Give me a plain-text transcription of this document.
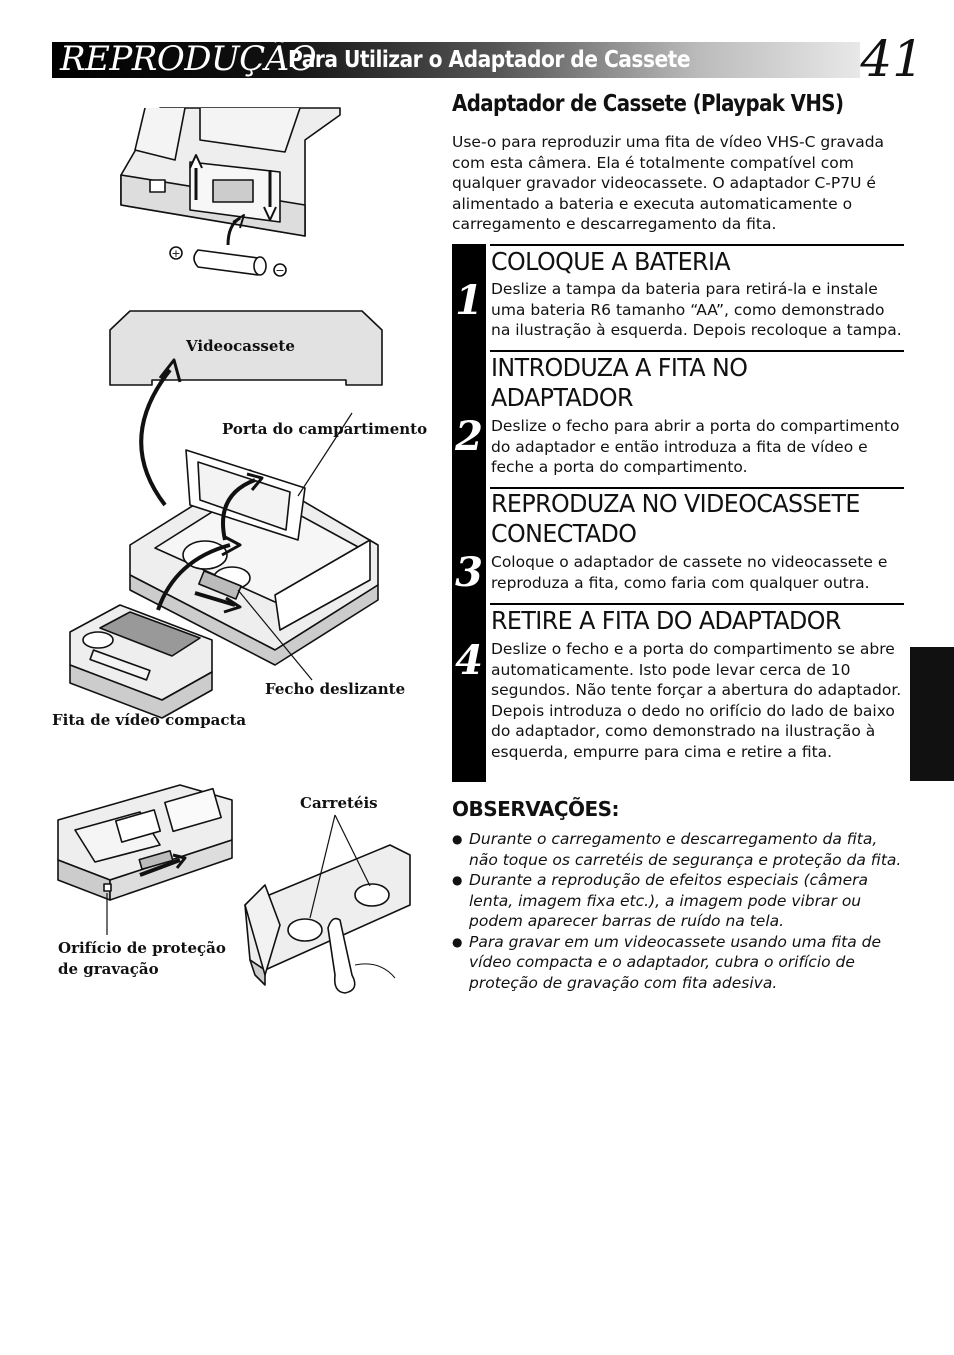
REPRODUÇÃO
Para Utilizar o Adaptador de Cassete	41
+
−
Videocassete
Porta do campartimento
Fecho deslizante
Fita de vídeo compacta
Carretéis
Orifício de proteção
de gravação
Adaptador de Cassete (Playpak VHS)
Use-o para reproduzir uma fita de vídeo VHS-C gravada com esta câmera. Ela é totalmente compatível com qualquer gravador videocassete. O adaptador C-P7U é alimentado a bateria e executa automaticamente o carregamento e descarregamento da fita.
1
COLOQUE A BATERIA
Deslize a tampa da bateria para retirá-la e instale uma bateria R6 tamanho “AA”, como demonstrado na ilustração à esquerda. Depois recoloque a tampa.
2
INTRODUZA A FITA NO ADAPTADOR
Deslize o fecho para abrir a porta do compartimento do adaptador e então introduza a fita de vídeo e feche a porta do compartimento.
3
REPRODUZA NO VIDEOCASSETE CONECTADO
Coloque o adaptador de cassete no videocassete e reproduza a fita, como faria com qualquer outra.
4
RETIRE A FITA DO ADAPTADOR
Deslize o fecho e a porta do compartimento se abre automaticamente. Isto pode levar cerca de 10 segundos. Não tente forçar a abertura do adaptador. Depois introduza o dedo no orifício do lado de baixo do adaptador, como demonstrado na ilustração à esquerda, empurre para cima e retire a fita.
OBSERVAÇÕES:
● Durante o carregamento e descarregamento da fita, não toque os carretéis de segurança e proteção da fita.
● Durante a reprodução de efeitos especiais (câmera lenta, imagem fixa etc.), a imagem pode vibrar ou podem aparecer barras de ruído na tela.
● Para gravar em um videocassete usando uma fita de vídeo compacta e o adaptador, cubra o orifício de proteção de gravação com fita adesiva.
